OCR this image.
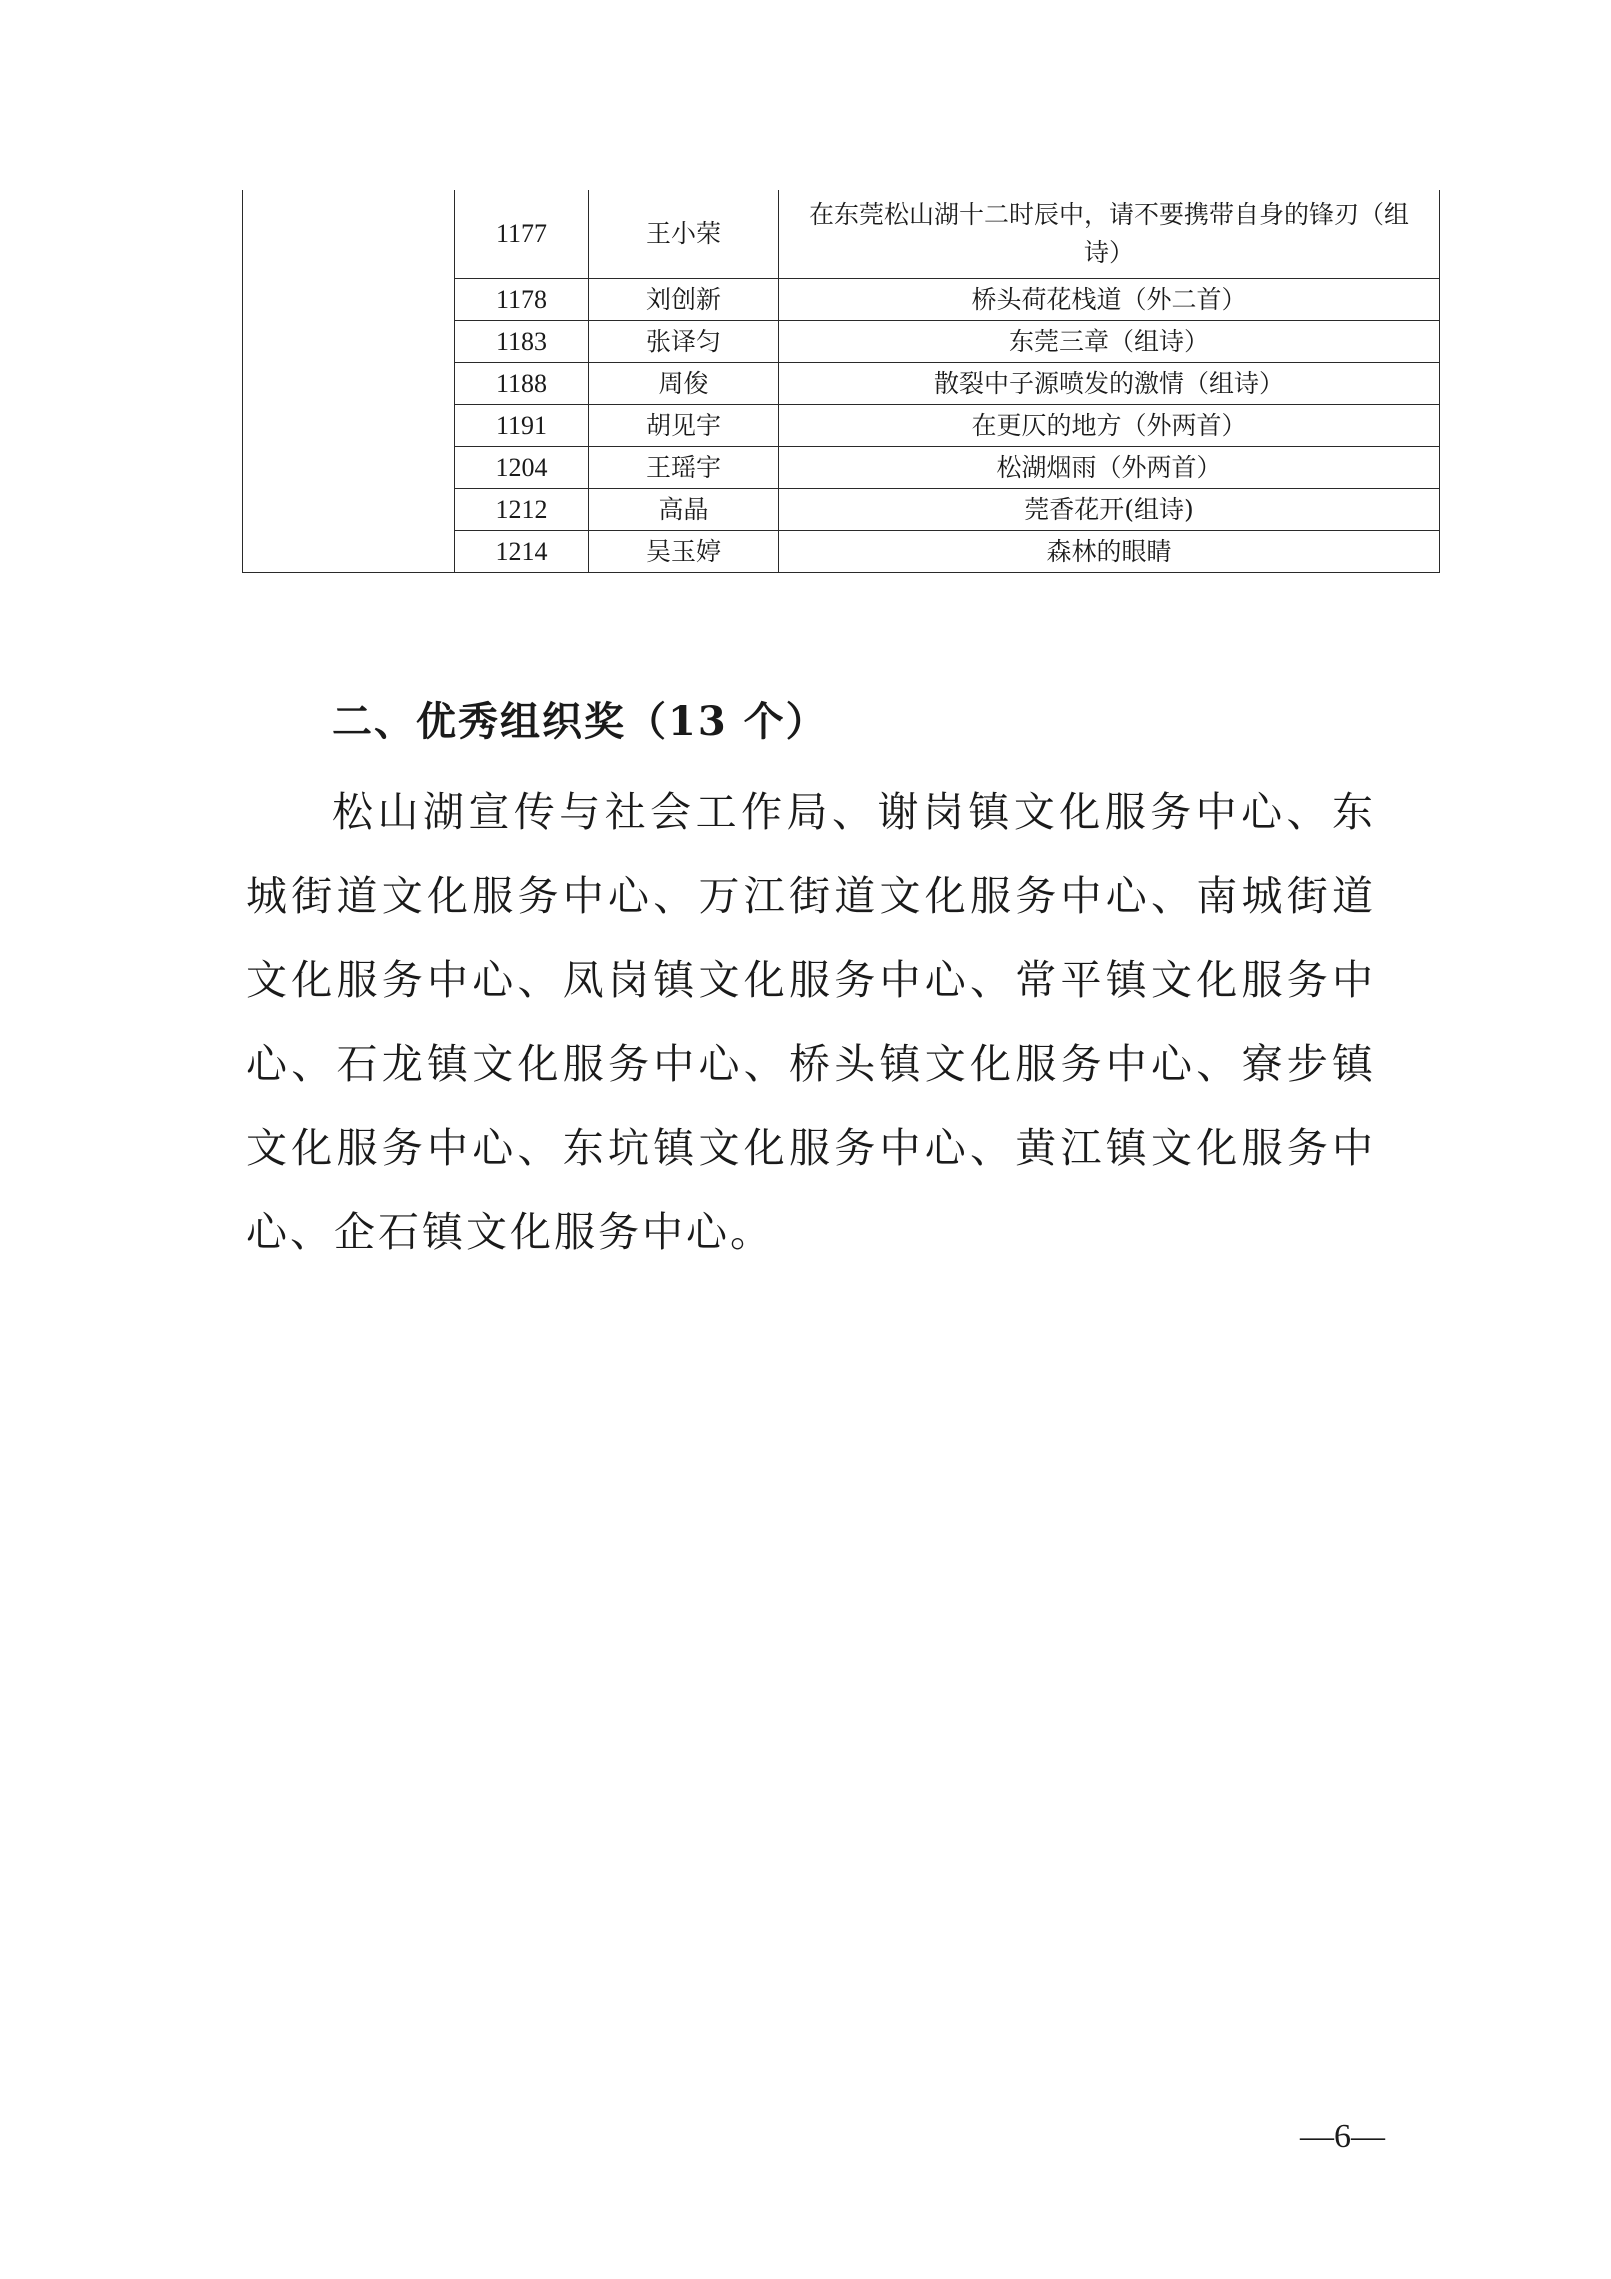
	1177	王小荣	在东莞松山湖十二时辰中，请不要携带自身的锋刃（组诗）
	1178	刘创新	桥头荷花栈道（外二首）
	1183	张译匀	东莞三章（组诗）
	1188	周俊	散裂中子源喷发的激情（组诗）
	1191	胡见宇	在更仄的地方（外两首）
	1204	王瑶宇	松湖烟雨（外两首）
	1212	高晶	莞香花开(组诗)
	1214	吴玉婷	森林的眼睛
二、优秀组织奖（13 个）

松山湖宣传与社会工作局、谢岗镇文化服务中心、东城街道文化服务中心、万江街道文化服务中心、南城街道文化服务中心、凤岗镇文化服务中心、常平镇文化服务中心、石龙镇文化服务中心、桥头镇文化服务中心、寮步镇文化服务中心、东坑镇文化服务中心、黄江镇文化服务中心、企石镇文化服务中心。

—6—
